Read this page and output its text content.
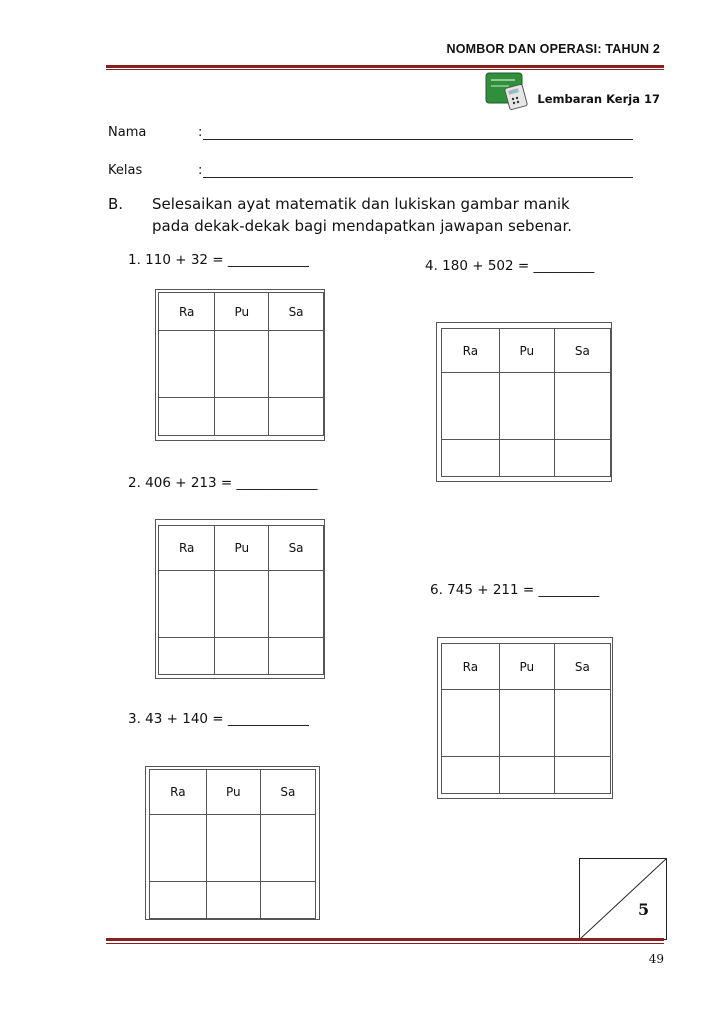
NOMBOR DAN OPERASI: TAHUN 2
Lembaran Kerja 17
Nama	:
Kelas	:
B. Selesaikan ayat matematik dan lukiskan gambar manik
pada dekak-dekak bagi mendapatkan jawapan sebenar.
1. 110 + 32 = ____________
Ra	Pu	Sa

4. 180 + 502 = _________
Ra	Pu	Sa

2. 406 + 213 = ____________
Ra	Pu	Sa

6. 745 + 211 = _________
Ra	Pu	Sa

3. 43 + 140 = ____________
Ra	Pu	Sa

5
49
